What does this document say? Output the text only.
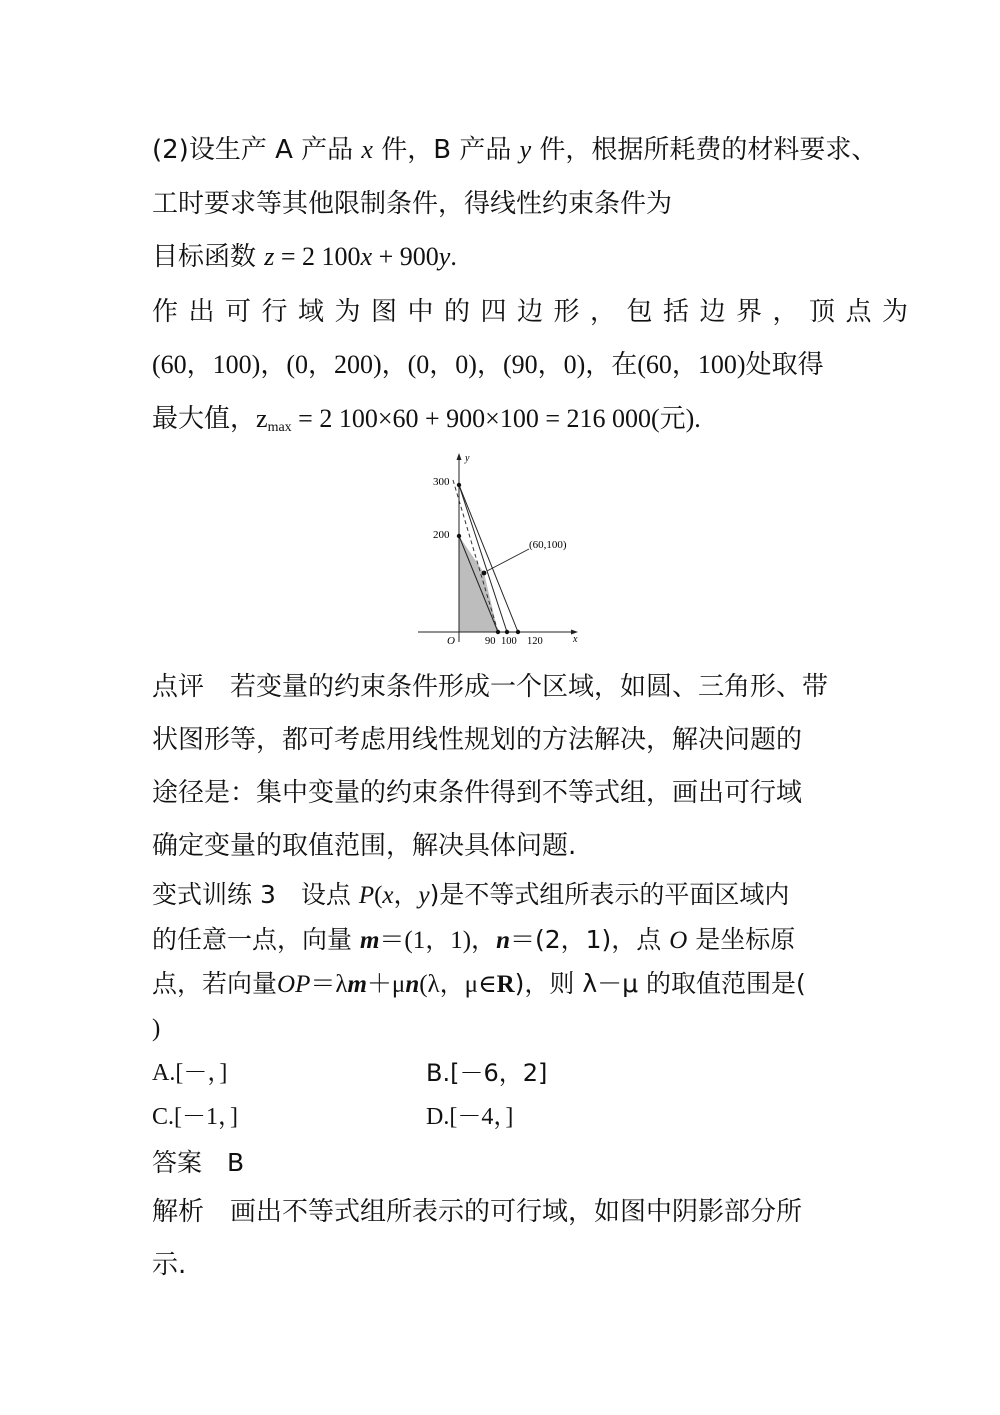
(2)设生产 A 产品 x 件，B 产品 y 件，根据所耗费的材料要求、
工时要求等其他限制条件，得线性约束条件为
目标函数 z = 2 100x + 900y.
作出可行域为图中的四边形，包括边界，顶点为
(60，100)，(0，200)，(0，0)，(90，0)，在(60，100)处取得
最大值，$z_{max} = 2$ 100×60 + 900×100 = 216 000(元).
y
x
O
300
200
90 100 120
(60,100)
点评　若变量的约束条件形成一个区域，如圆、三角形、带
状图形等，都可考虑用线性规划的方法解决，解决问题的
途径是：集中变量的约束条件得到不等式组，画出可行域
确定变量的取值范围，解决具体问题.
变式训练 3　设点 P(x，y)是不等式组所表示的平面区域内
的任意一点，向量 m＝(1，1)，n＝(2，1)，点 O 是坐标原
点，若向量OP＝λm＋μn(λ，μ∈R)，则 λ－μ 的取值范围是(
)
A.[－，]	B.[－6，2]
C.[－1，]	D.[－4，]
答案　B
解析　画出不等式组所表示的可行域，如图中阴影部分所
示.
